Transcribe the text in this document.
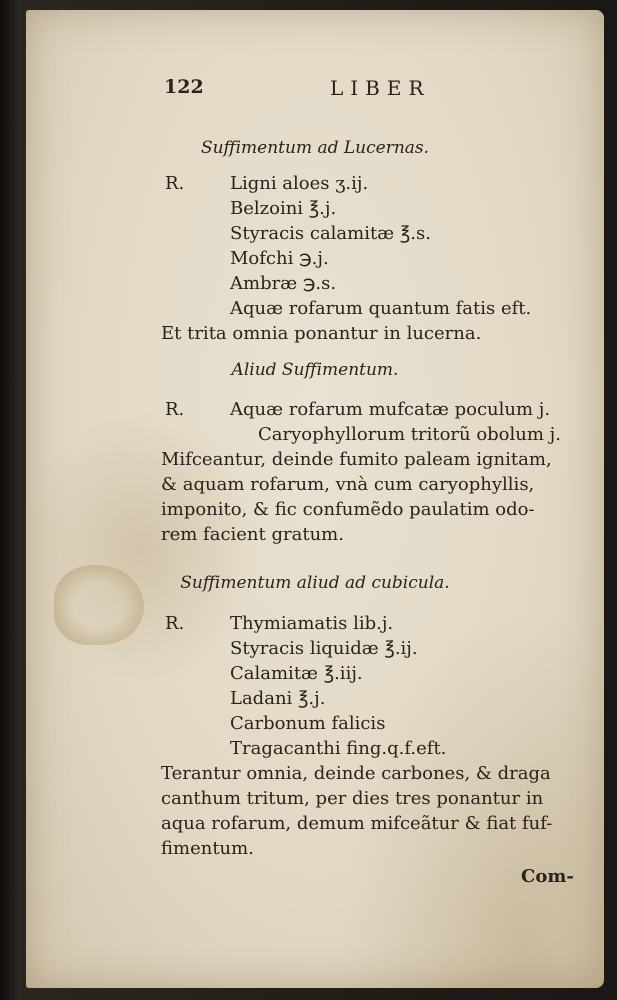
122	LIBER
Suffimentum ad Lucernas.
R.	Ligni aloes ʒ.ij.
Belzoini ℥.j.
Styracis calamitæ ℥.s.
Mofchi ℈.j.
Ambræ ℈.s.
Aquæ rofarum quantum fatis eft.
Et trita omnia ponantur in lucerna.
Aliud Suffimentum.
R.	Aquæ rofarum mufcatæ poculum j.
Caryophyllorum tritorũ obolum j.
Mifceantur, deinde fumito paleam ignitam,
& aquam rofarum, vnà cum caryophyllis,
imponito, & fic confumẽdo paulatim odo-
rem facient gratum.
Suffimentum aliud ad cubicula.
R.	Thymiamatis lib.j.
Styracis liquidæ ℥.ij.
Calamitæ ℥.iij.
Ladani ℥.j.
Carbonum falicis
Tragacanthi fing.q.f.eft.
Terantur omnia, deinde carbones, & draga
canthum tritum, per dies tres ponantur in
aqua rofarum, demum mifceãtur & fiat fuf-
fimentum.
Com-
